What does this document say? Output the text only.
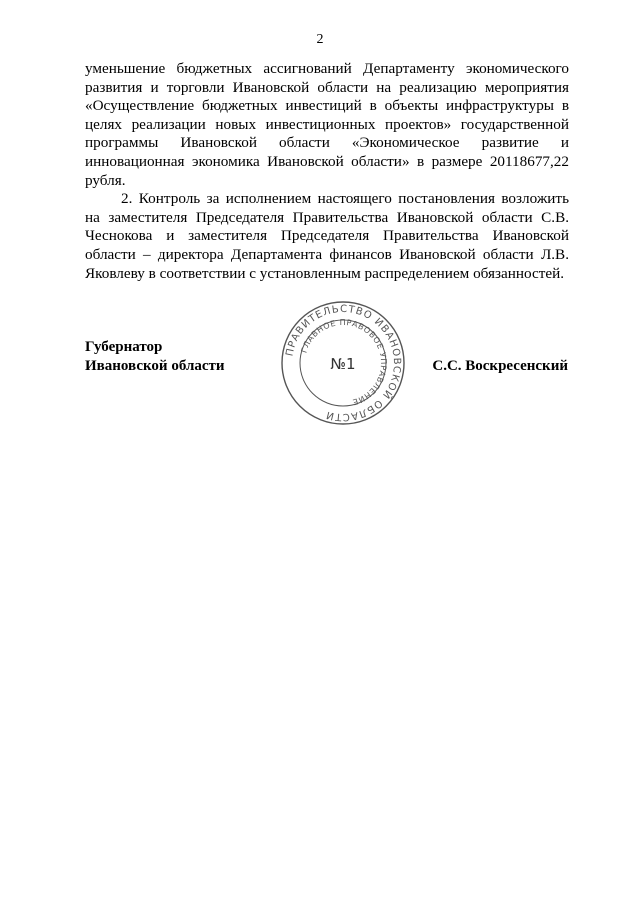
2

уменьшение бюджетных ассигнований Департаменту экономического развития и торговли Ивановской области на реализацию мероприятия «Осуществление бюджетных инвестиций в объекты инфраструктуры в целях реализации новых инвестиционных проектов» государственной программы Ивановской области «Экономическое развитие и инновационная экономика Ивановской области» в размере 20118677,22 рубля.

2. Контроль за исполнением настоящего постановления возложить на заместителя Председателя Правительства Ивановской области С.В. Чеснокова и заместителя Председателя Правительства Ивановской области – директора Департамента финансов Ивановской области Л.В. Яковлеву в соответствии с установленным распределением обязанностей.

Губернатор
Ивановской области	С.С. Воскресенский
ПРАВИТЕЛЬСТВО ИВАНОВСКОЙ ОБЛАСТИ
ГЛАВНОЕ ПРАВОВОЕ УПРАВЛЕНИЕ
№1
